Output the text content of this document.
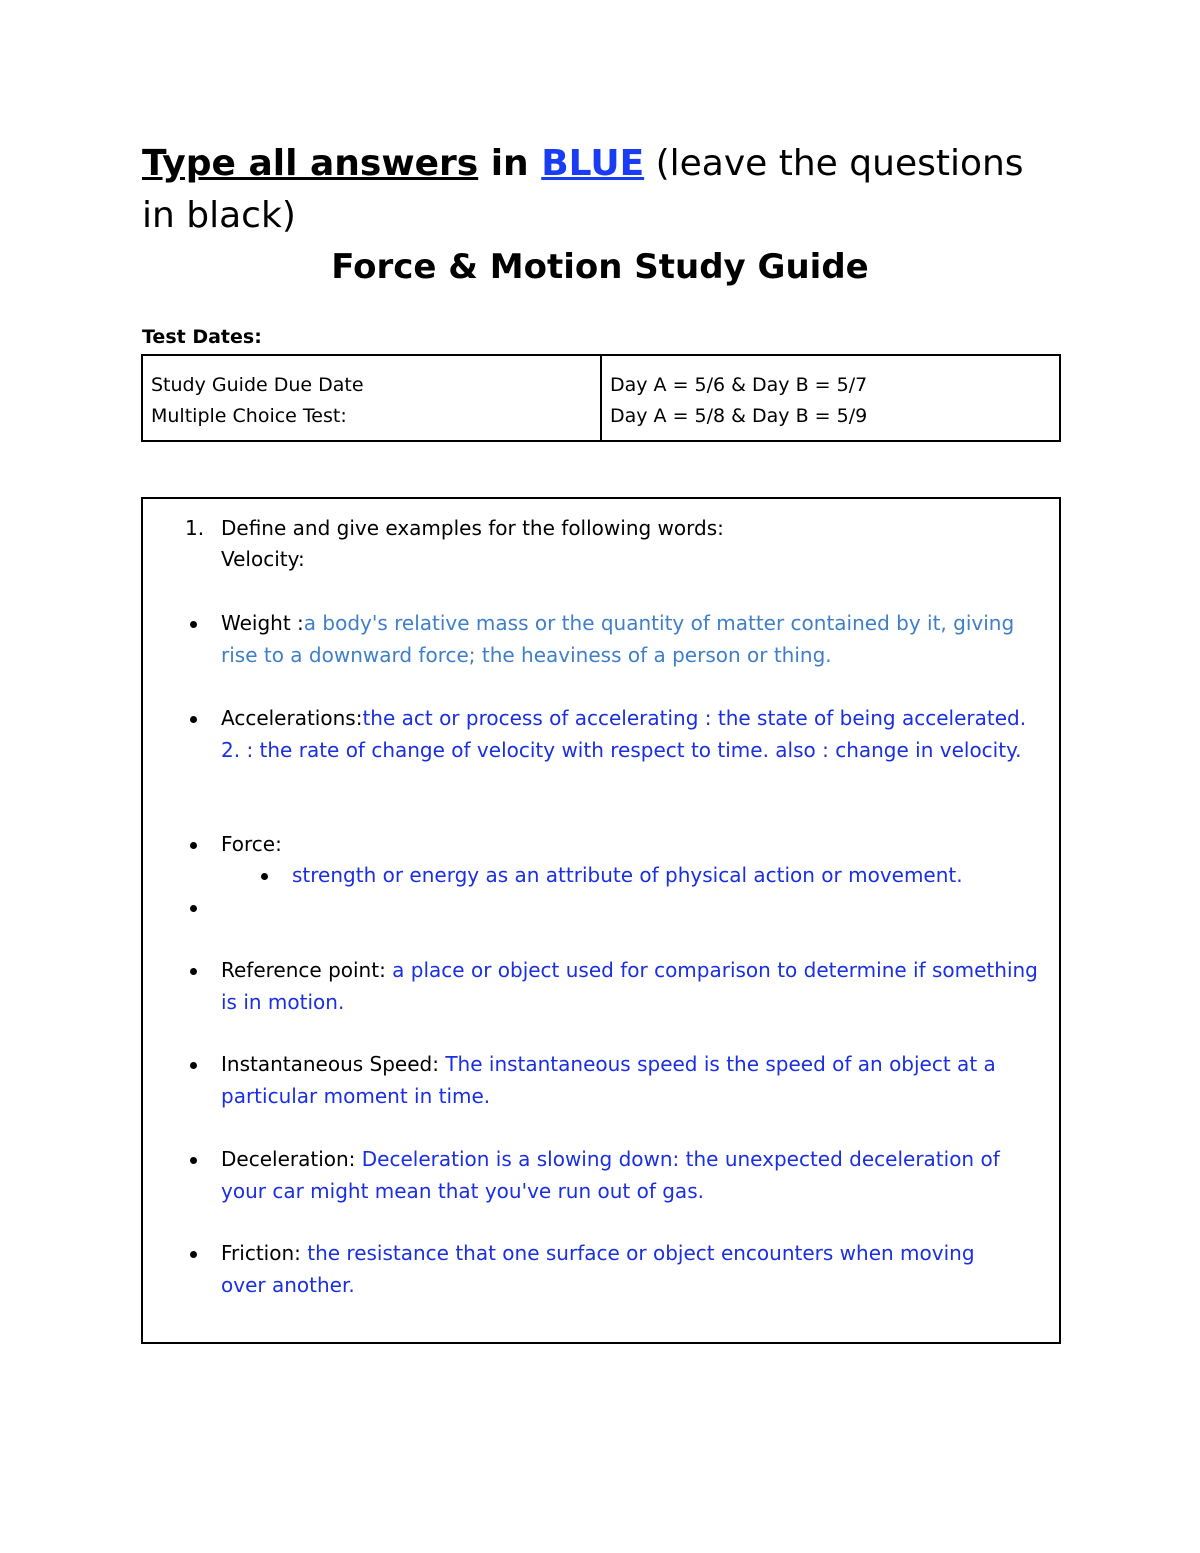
Type all answers in BLUE (leave the questions in black)
Force & Motion Study Guide
Test Dates:
Study Guide Due Date
Multiple Choice Test:
Day A = 5/6 & Day B = 5/7
Day A = 5/8 & Day B = 5/9
1. Define and give examples for the following words:
Velocity:
Weight :a body's relative mass or the quantity of matter contained by it, giving rise to a downward force; the heaviness of a person or thing.
Accelerations:the act or process of accelerating : the state of being accelerated. 2. : the rate of change of velocity with respect to time. also : change in velocity.
Force:
strength or energy as an attribute of physical action or movement.
Reference point: a place or object used for comparison to determine if something is in motion.
Instantaneous Speed: The instantaneous speed is the speed of an object at a particular moment in time.
Deceleration: Deceleration is a slowing down: the unexpected deceleration of your car might mean that you've run out of gas.
Friction: the resistance that one surface or object encounters when moving over another.
